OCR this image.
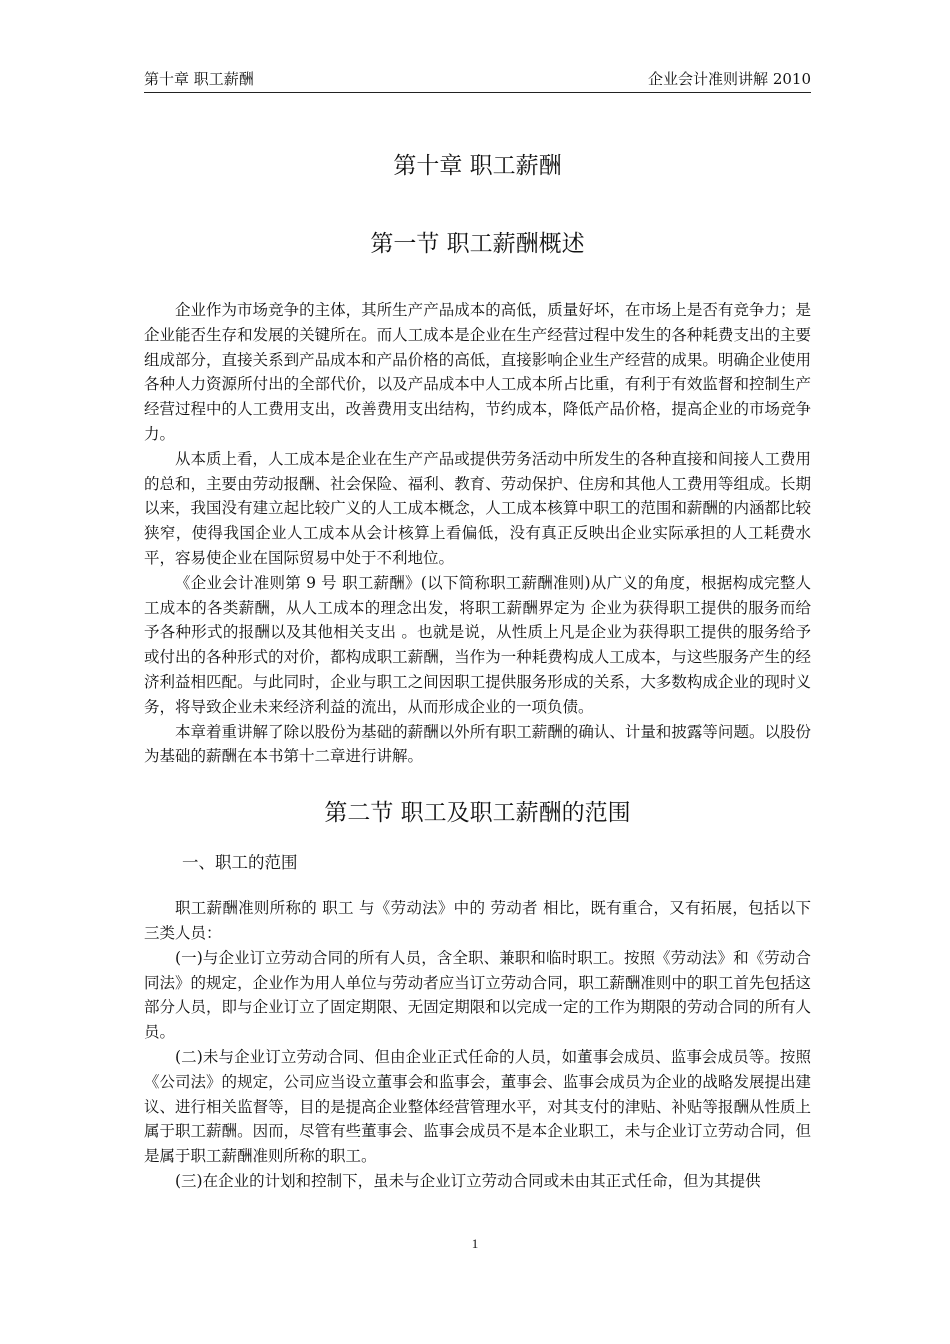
第十章 职工薪酬	企业会计准则讲解 2010
第十章 职工薪酬
第一节 职工薪酬概述

企业作为市场竞争的主体，其所生产产品成本的高低，质量好坏，在市场上是否有竞争力；是企业能否生存和发展的关键所在。而人工成本是企业在生产经营过程中发生的各种耗费支出的主要组成部分，直接关系到产品成本和产品价格的高低，直接影响企业生产经营的成果。明确企业使用各种人力资源所付出的全部代价，以及产品成本中人工成本所占比重，有利于有效监督和控制生产经营过程中的人工费用支出，改善费用支出结构，节约成本，降低产品价格，提高企业的市场竞争力。

从本质上看，人工成本是企业在生产产品或提供劳务活动中所发生的各种直接和间接人工费用的总和，主要由劳动报酬、社会保险、福利、教育、劳动保护、住房和其他人工费用等组成。长期以来，我国没有建立起比较广义的人工成本概念，人工成本核算中职工的范围和薪酬的内涵都比较狭窄，使得我国企业人工成本从会计核算上看偏低，没有真正反映出企业实际承担的人工耗费水平，容易使企业在国际贸易中处于不利地位。

《企业会计准则第 9 号 职工薪酬》(以下简称职工薪酬准则)从广义的角度，根据构成完整人工成本的各类薪酬，从人工成本的理念出发，将职工薪酬界定为 企业为获得职工提供的服务而给予各种形式的报酬以及其他相关支出 。也就是说，从性质上凡是企业为获得职工提供的服务给予或付出的各种形式的对价，都构成职工薪酬，当作为一种耗费构成人工成本，与这些服务产生的经济利益相匹配。与此同时，企业与职工之间因职工提供服务形成的关系，大多数构成企业的现时义务，将导致企业未来经济利益的流出，从而形成企业的一项负债。

本章着重讲解了除以股份为基础的薪酬以外所有职工薪酬的确认、计量和披露等问题。以股份为基础的薪酬在本书第十二章进行讲解。

第二节 职工及职工薪酬的范围

一、职工的范围

职工薪酬准则所称的 职工 与《劳动法》中的 劳动者 相比，既有重合，又有拓展，包括以下三类人员：

(一)与企业订立劳动合同的所有人员，含全职、兼职和临时职工。按照《劳动法》和《劳动合同法》的规定，企业作为用人单位与劳动者应当订立劳动合同，职工薪酬准则中的职工首先包括这部分人员，即与企业订立了固定期限、无固定期限和以完成一定的工作为期限的劳动合同的所有人员。

(二)未与企业订立劳动合同、但由企业正式任命的人员，如董事会成员、监事会成员等。按照《公司法》的规定，公司应当设立董事会和监事会，董事会、监事会成员为企业的战略发展提出建议、进行相关监督等，目的是提高企业整体经营管理水平，对其支付的津贴、补贴等报酬从性质上属于职工薪酬。因而，尽管有些董事会、监事会成员不是本企业职工，未与企业订立劳动合同，但是属于职工薪酬准则所称的职工。

(三)在企业的计划和控制下，虽未与企业订立劳动合同或未由其正式任命，但为其提供

1
